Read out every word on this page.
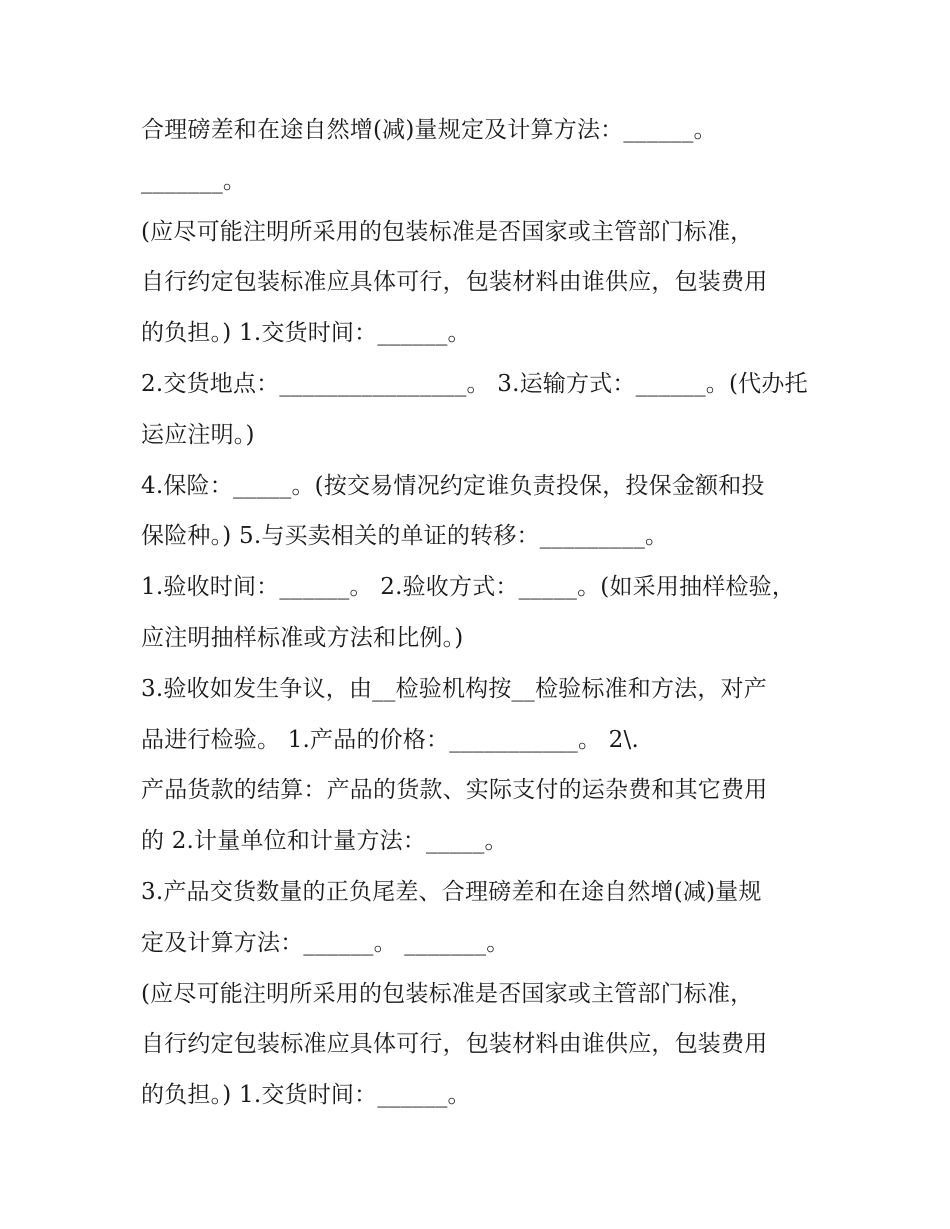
合理磅差和在途自然增(减)量规定及计算方法：______。
_______。
(应尽可能注明所采用的包装标准是否国家或主管部门标准，
自行约定包装标准应具体可行，包装材料由谁供应，包装费用
的负担。) 1.交货时间：______。
2.交货地点：________________。 3.运输方式：______。(代办托
运应注明。)
4.保险：_____。(按交易情况约定谁负责投保，投保金额和投
保险种。) 5.与买卖相关的单证的转移：_________。
1.验收时间：______。 2.验收方式：_____。(如采用抽样检验，
应注明抽样标准或方法和比例。)
3.验收如发生争议，由__检验机构按__检验标准和方法，对产
品进行检验。 1.产品的价格：___________。 2\.
产品货款的结算：产品的货款、实际支付的运杂费和其它费用
的 2.计量单位和计量方法：_____。
3.产品交货数量的正负尾差、合理磅差和在途自然增(减)量规
定及计算方法：______。 _______。
(应尽可能注明所采用的包装标准是否国家或主管部门标准，
自行约定包装标准应具体可行，包装材料由谁供应，包装费用
的负担。) 1.交货时间：______。
